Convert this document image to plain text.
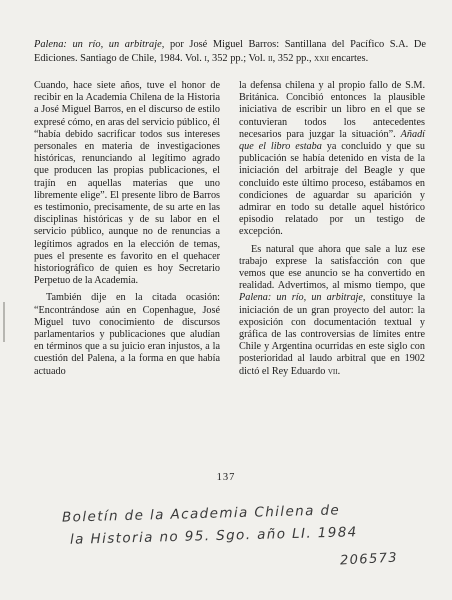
Palena: un río, un arbitraje, por José Miguel Barros: Santillana del Pacífico S.A. De Ediciones. Santiago de Chile, 1984. Vol. i, 352 pp.; Vol. ii, 352 pp., xxii encartes.

Cuando, hace siete años, tuve el honor de recibir en la Academia Chilena de la Historia a José Miguel Barros, en el discurso de estilo expresé cómo, en aras del servicio público, él “había debido sacrificar todos sus intereses personales en materia de investigaciones históricas, renunciando al legítimo agrado que producen las propias publicaciones, el trajín en aquellas materias que uno libremente elige”. El presente libro de Barros es testimonio, precisamente, de su arte en las disciplinas históricas y de su labor en el servicio público, aunque no de renuncias a legítimos agrados en la elección de temas, pues el presente es favorito en el quehacer historiográfico de quien es hoy Secretario Perpetuo de la Academia.

También dije en la citada ocasión: “Encontrándose aún en Copenhague, José Miguel tuvo conocimiento de discursos parlamentarios y publicaciones que aludían en términos que a su juicio eran injustos, a la cuestión del Palena, a la forma en que había actuado

la defensa chilena y al propio fallo de S.M. Británica. Concibió entonces la plausible iniciativa de escribir un libro en el que se contuvieran todos los antecedentes necesarios para juzgar la situación”. Añadí que el libro estaba ya concluido y que su publicación se había detenido en vista de la iniciación del arbitraje del Beagle y que concluido este último proceso, estábamos en condiciones de aguardar su aparición y admirar en todo su detalle aquel histórico episodio relatado por un testigo de excepción.

Es natural que ahora que sale a luz ese trabajo exprese la satisfacción con que vemos que ese anuncio se ha convertido en realidad. Advertimos, al mismo tiempo, que Palena: un río, un arbitraje, constituye la iniciación de un gran proyecto del autor: la exposición con documentación textual y gráfica de las controversias de límites entre Chile y Argentina ocurridas en este siglo con posterioridad al laudo arbitral que en 1902 dictó el Rey Eduardo vii.

137
Boletín de la Academia Chilena de
la Historia no 95. Sgo. año LI. 1984
206573
